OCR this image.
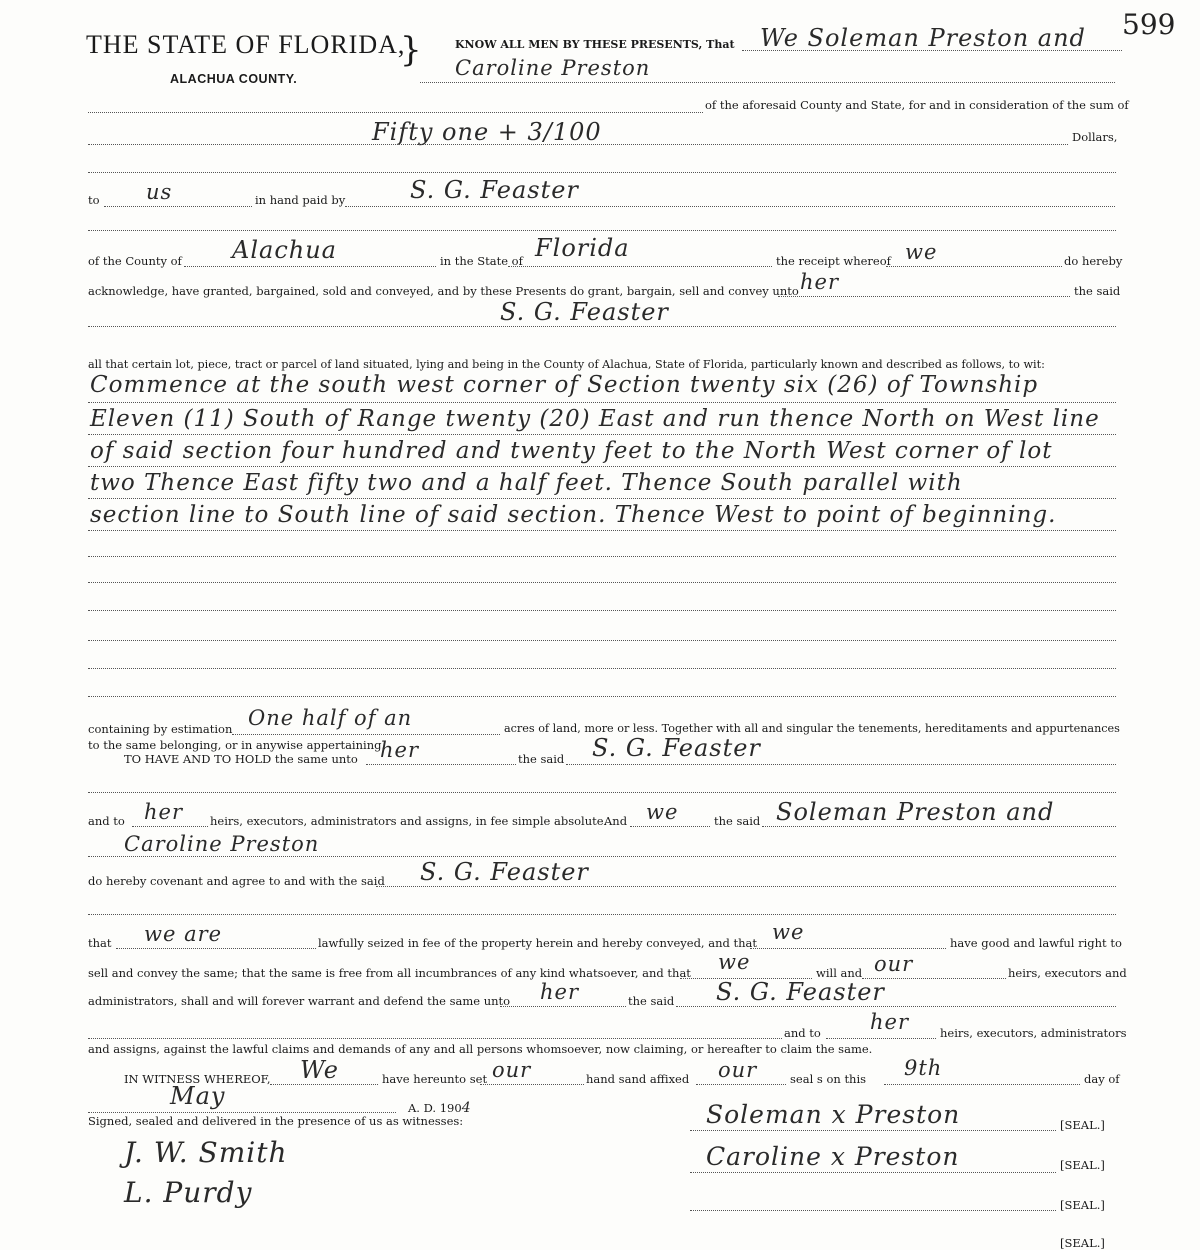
THE STATE OF FLORIDA,
}
ALACHUA COUNTY.
599
KNOW ALL MEN BY THESE PRESENTS, That We Soleman Preston and
Caroline Preston
of the aforesaid County and State, for and in consideration of the sum of
Fifty one + 3/100	Dollars,
to us	in hand paid by	S. G. Feaster
of the County of Alachua	in the State of Florida	the receipt whereof we	do hereby
acknowledge, have granted, bargained, sold and conveyed, and by these Presents do grant, bargain, sell and convey unto her	the said
S. G. Feaster
all that certain lot, piece, tract or parcel of land situated, lying and being in the County of Alachua, State of Florida, particularly known and described as follows, to wit:
Commence at the south west corner of Section twenty six (26) of Township
Eleven (11) South of Range twenty (20) East and run thence North on West line
of said section four hundred and twenty feet to the North West corner of lot
two Thence East fifty two and a half feet. Thence South parallel with
section line to South line of said section. Thence West to point of beginning.
containing by estimation One half of an	acres of land, more or less. Together with all and singular the tenements, hereditaments and appurtenances
to the same belonging, or in anywise appertaining.
TO HAVE AND TO HOLD the same unto her	the said S. G. Feaster
and to her heirs, executors, administrators and assigns, in fee simple absolute.
And we	the said Soleman Preston and
Caroline Preston
do hereby covenant and agree to and with the said S. G. Feaster
that we are	lawfully seized in fee of the property herein and hereby conveyed, and that we	have good and lawful right to
sell and convey the same; that the same is free from all incumbrances of any kind whatsoever, and that we	will and our	heirs, executors and
administrators, shall and will forever warrant and defend the same unto her	the said S. G. Feaster
and to her	heirs, executors, administrators
and assigns, against the lawful claims and demands of any and all persons whomsoever, now claiming, or hereafter to claim the same.
IN WITNESS WHEREOF, We	have hereunto set our	hand sand affixed our	seal s on this 9th	day of
May	A. D. 1904
Signed, sealed and delivered in the presence of us as witnesses:
J. W. Smith
L. Purdy
Soleman x Preston	[SEAL.]
Caroline x Preston	[SEAL.]
[SEAL.]
[SEAL.]
